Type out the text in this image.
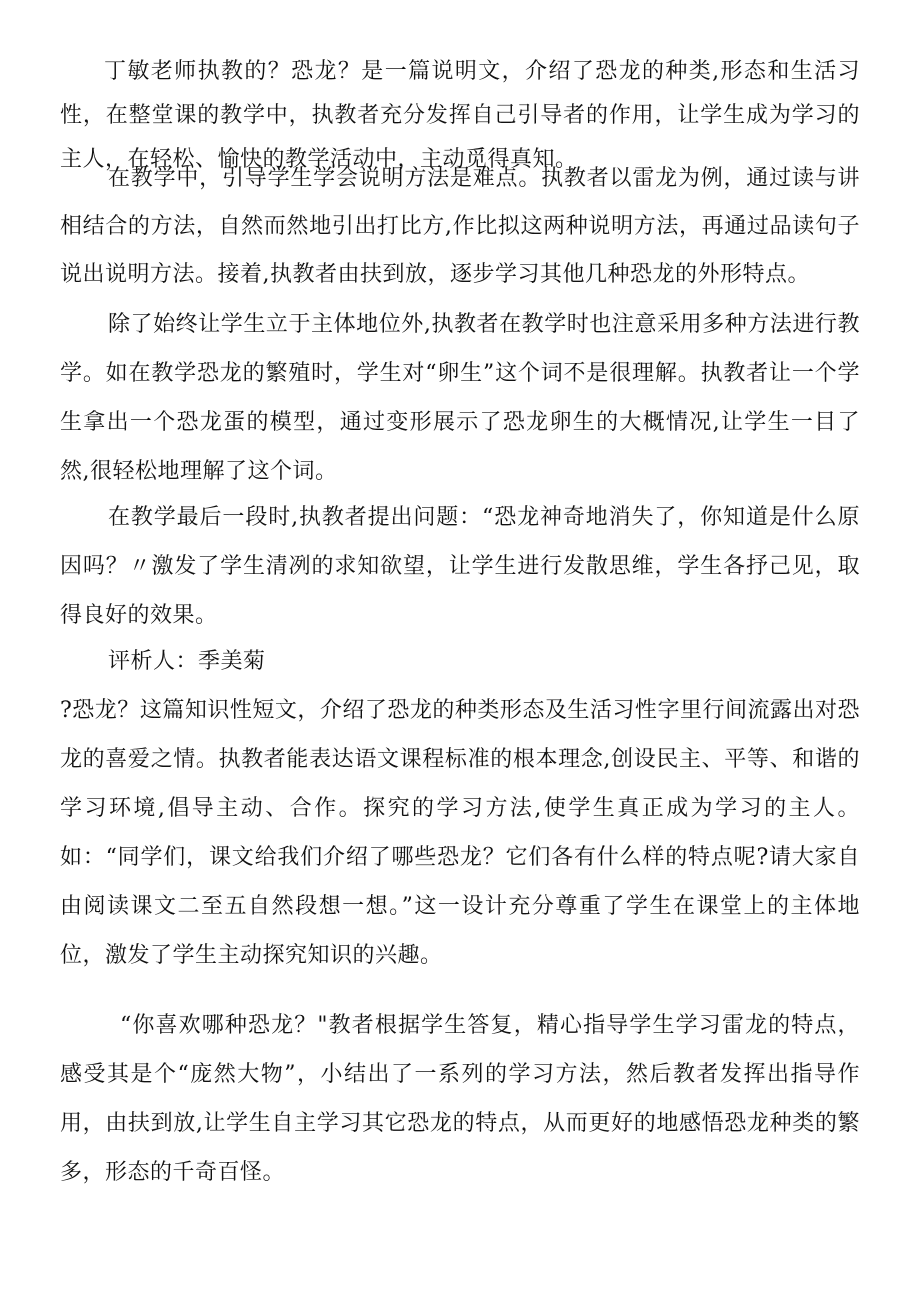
丁敏老师执教的？恐龙？是一篇说明文，介绍了恐龙的种类,形态和生活习性，在整堂课的教学中，执教者充分发挥自己引导者的作用，让学生成为学习的主人，在轻松、愉快的教学活动中，主动觅得真知。

在教学中，引导学生学会说明方法是难点。执教者以雷龙为例，通过读与讲相结合的方法，自然而然地引出打比方,作比拟这两种说明方法，再通过品读句子说出说明方法。接着,执教者由扶到放，逐步学习其他几种恐龙的外形特点。

除了始终让学生立于主体地位外,执教者在教学时也注意采用多种方法进行教学。如在教学恐龙的繁殖时，学生对“卵生”这个词不是很理解。执教者让一个学生拿出一个恐龙蛋的模型，通过变形展示了恐龙卵生的大概情况,让学生一目了然,很轻松地理解了这个词。

在教学最后一段时,执教者提出问题：“恐龙神奇地消失了，你知道是什么原因吗？〃激发了学生清冽的求知欲望，让学生进行发散思维，学生各抒己见，取得良好的效果。

评析人：季美菊

?恐龙？这篇知识性短文，介绍了恐龙的种类形态及生活习性字里行间流露出对恐龙的喜爱之情。执教者能表达语文课程标准的根本理念,创设民主、平等、和谐的学习环境,倡导主动、合作。探究的学习方法,使学生真正成为学习的主人。如：“同学们，课文给我们介绍了哪些恐龙？它们各有什么样的特点呢?请大家自由阅读课文二至五自然段想一想。”这一设计充分尊重了学生在课堂上的主体地位，激发了学生主动探究知识的兴趣。

“你喜欢哪种恐龙？"教者根据学生答复，精心指导学生学习雷龙的特点，感受其是个“庞然大物”，小结出了一系列的学习方法，然后教者发挥出指导作用，由扶到放,让学生自主学习其它恐龙的特点，从而更好的地感悟恐龙种类的繁多，形态的千奇百怪。
